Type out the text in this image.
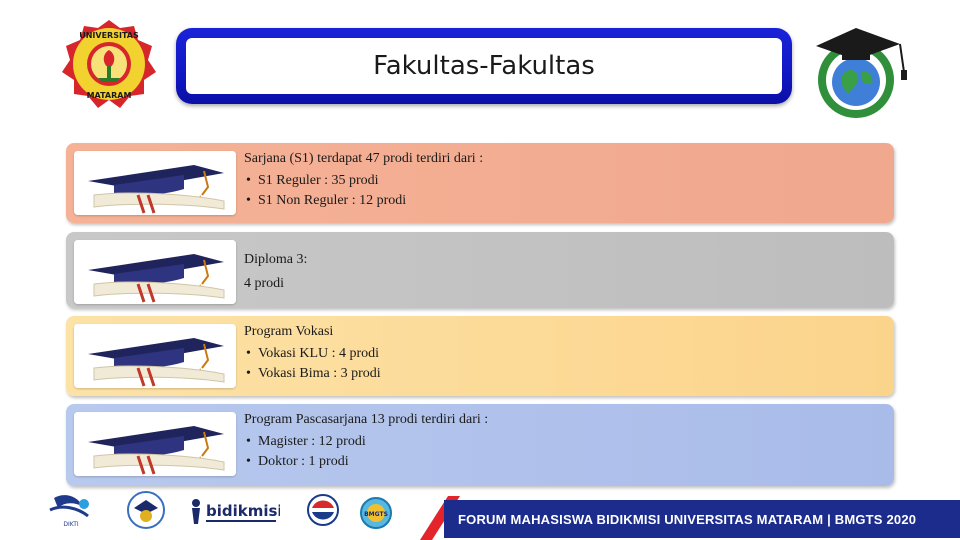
UNIVERSITAS
MATARAM
Fakultas-Fakultas
Sarjana (S1) terdapat 47 prodi terdiri dari :
• S1 Reguler : 35 prodi
• S1 Non Reguler : 12 prodi
Diploma 3:
4 prodi
Program Vokasi
• Vokasi KLU : 4 prodi
• Vokasi Bima : 3 prodi
Program Pascasarjana 13 prodi terdiri dari :
• Magister : 12 prodi
• Doktor : 1 prodi
DIKTI
bidikmisi	BMGTS	FORUM MAHASISWA BIDIKMISI UNIVERSITAS MATARAM | BMGTS 2020
